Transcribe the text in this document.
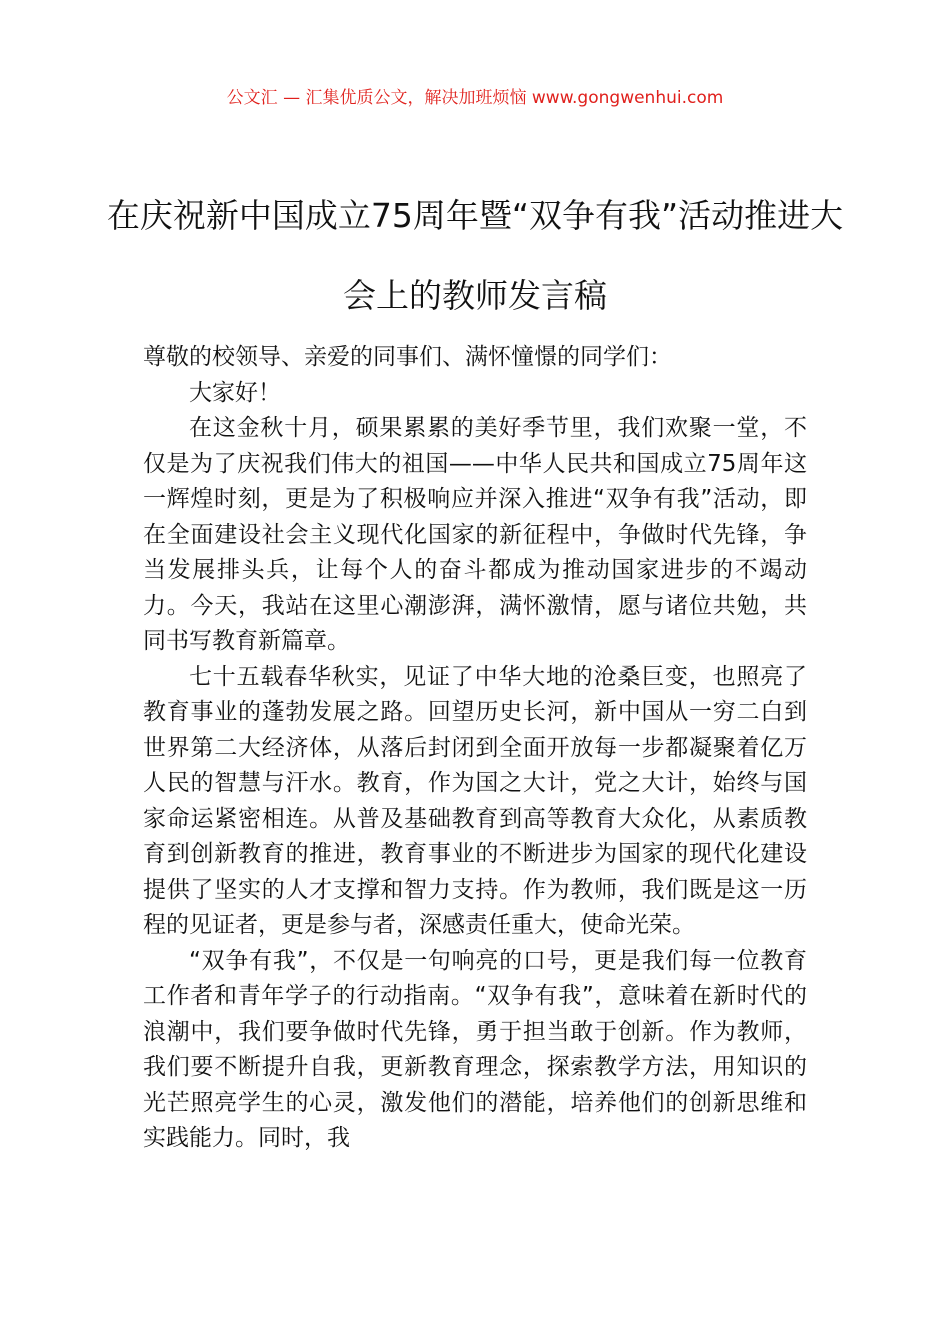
公文汇 — 汇集优质公文，解决加班烦恼 www.gongwenhui.com
在庆祝新中国成立75周年暨“双争有我”活动推进大会上的教师发言稿

尊敬的校领导、亲爱的同事们、满怀憧憬的同学们：

大家好！

在这金秋十月，硕果累累的美好季节里，我们欢聚一堂，不仅是为了庆祝我们伟大的祖国——中华人民共和国成立75周年这一辉煌时刻，更是为了积极响应并深入推进“双争有我”活动，即在全面建设社会主义现代化国家的新征程中，争做时代先锋，争当发展排头兵，让每个人的奋斗都成为推动国家进步的不竭动力。今天，我站在这里心潮澎湃，满怀激情，愿与诸位共勉，共同书写教育新篇章。

七十五载春华秋实，见证了中华大地的沧桑巨变，也照亮了教育事业的蓬勃发展之路。回望历史长河，新中国从一穷二白到世界第二大经济体，从落后封闭到全面开放每一步都凝聚着亿万人民的智慧与汗水。教育，作为国之大计，党之大计，始终与国家命运紧密相连。从普及基础教育到高等教育大众化，从素质教育到创新教育的推进，教育事业的不断进步为国家的现代化建设提供了坚实的人才支撑和智力支持。作为教师，我们既是这一历程的见证者，更是参与者，深感责任重大，使命光荣。

“双争有我”，不仅是一句响亮的口号，更是我们每一位教育工作者和青年学子的行动指南。“双争有我”，意味着在新时代的浪潮中，我们要争做时代先锋，勇于担当敢于创新。作为教师，我们要不断提升自我，更新教育理念，探索教学方法，用知识的光芒照亮学生的心灵，激发他们的潜能，培养他们的创新思维和实践能力。同时，我
